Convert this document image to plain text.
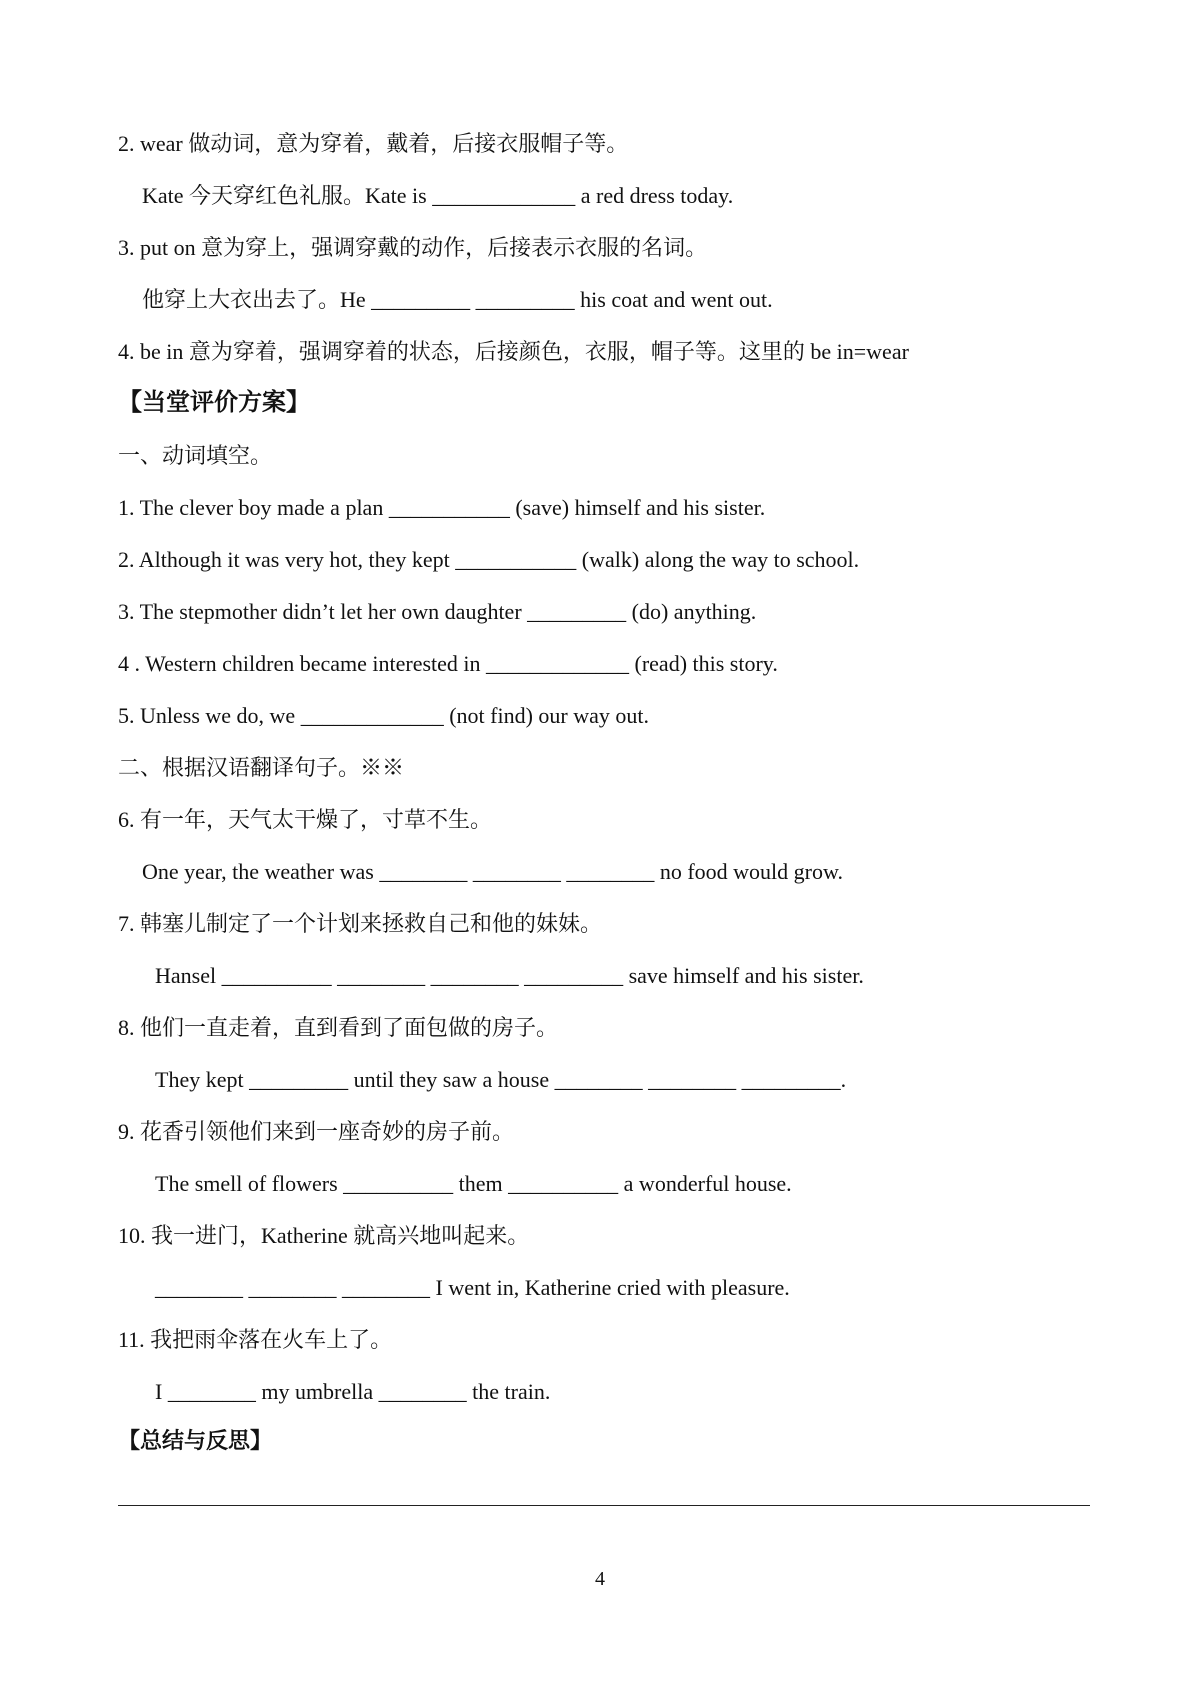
2. wear 做动词，意为穿着，戴着，后接衣服帽子等。
Kate 今天穿红色礼服。Kate is _____________ a red dress today.
3. put on 意为穿上，强调穿戴的动作，后接表示衣服的名词。
他穿上大衣出去了。He _________ _________ his coat and went out.
4. be in 意为穿着，强调穿着的状态，后接颜色，衣服，帽子等。这里的 be in=wear
【当堂评价方案】
一、动词填空。
1. The clever boy made a plan ___________ (save) himself and his sister.
2. Although it was very hot, they kept ___________ (walk) along the way to school.
3. The stepmother didn’t let her own daughter _________ (do) anything.
4 . Western children became interested in _____________ (read) this story.
5. Unless we do, we _____________ (not find) our way out.
二、根据汉语翻译句子。※※
6. 有一年，天气太干燥了，寸草不生。
One year, the weather was ________ ________ ________ no food would grow.
7. 韩塞儿制定了一个计划来拯救自己和他的妹妹。
Hansel __________ ________ ________ _________ save himself and his sister.
8. 他们一直走着，直到看到了面包做的房子。
They kept _________ until they saw a house ________ ________ _________.
9. 花香引领他们来到一座奇妙的房子前。
The smell of flowers __________ them __________ a wonderful house.
10. 我一进门，Katherine 就高兴地叫起来。
________ ________ ________ I went in, Katherine cried with pleasure.
11. 我把雨伞落在火车上了。
I ________ my umbrella ________ the train.
【总结与反思】
4
